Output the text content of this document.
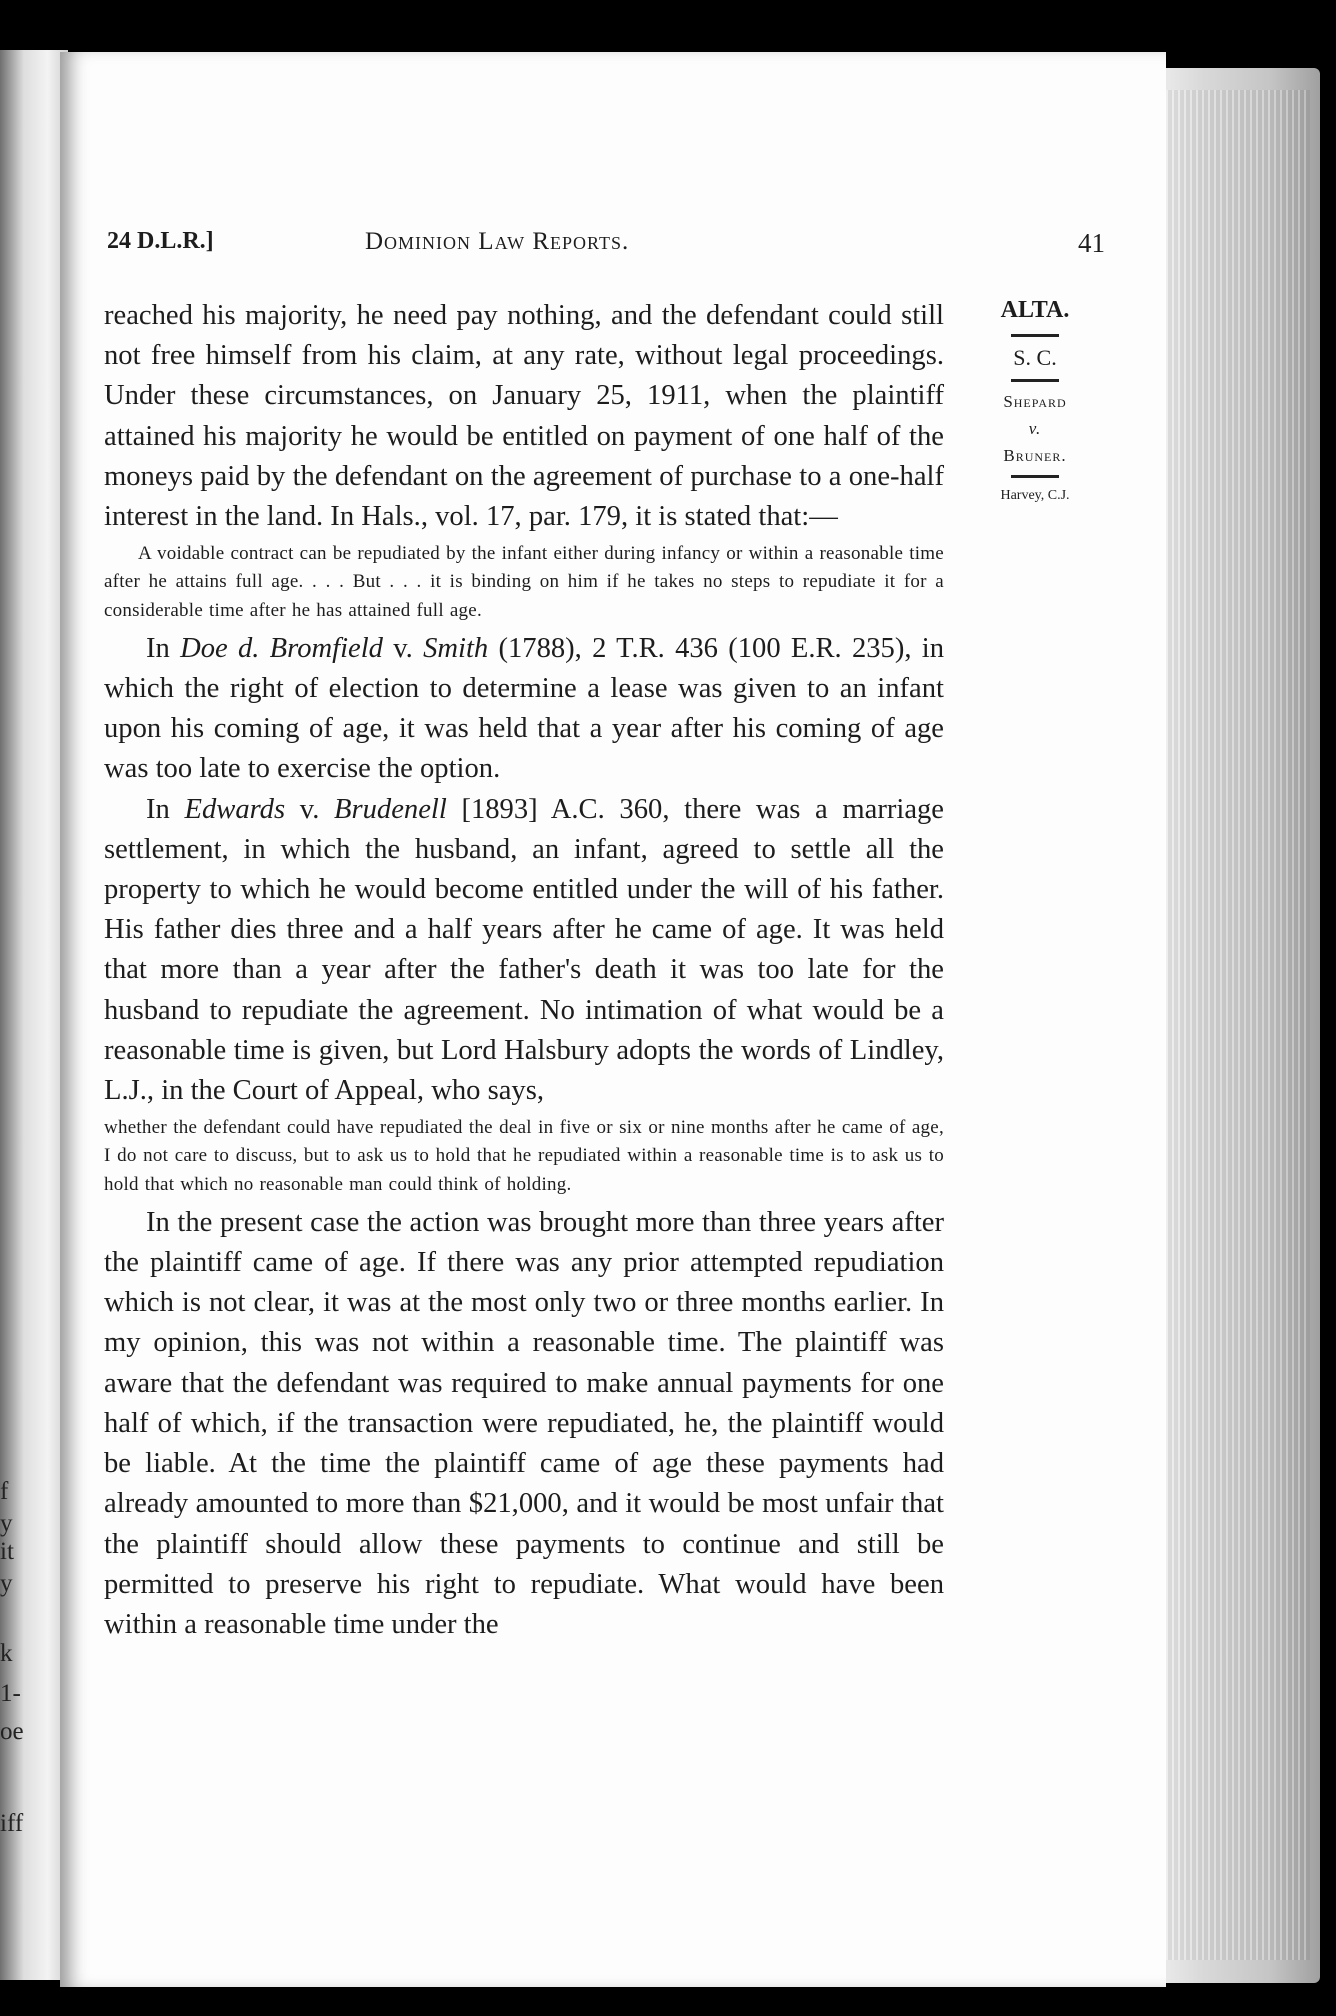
f
y
it
y
k
1-
oe
iff
24 D.L.R.]	Dominion Law Reports.	41

ALTA.

S. C.

Shepard

v.

Bruner.

Harvey, C.J.

reached his majority, he need pay nothing, and the defendant could still not free himself from his claim, at any rate, without legal proceedings. Under these circumstances, on January 25, 1911, when the plaintiff attained his majority he would be entitled on payment of one half of the moneys paid by the defendant on the agreement of purchase to a one-half interest in the land. In Hals., vol. 17, par. 179, it is stated that:—

A voidable contract can be repudiated by the infant either during infancy or within a reasonable time after he attains full age. . . . But . . . it is binding on him if he takes no steps to repudiate it for a considerable time after he has attained full age.

In Doe d. Bromfield v. Smith (1788), 2 T.R. 436 (100 E.R. 235), in which the right of election to determine a lease was given to an infant upon his coming of age, it was held that a year after his coming of age was too late to exercise the option.

In Edwards v. Brudenell [1893] A.C. 360, there was a marriage settlement, in which the husband, an infant, agreed to settle all the property to which he would become entitled under the will of his father. His father dies three and a half years after he came of age. It was held that more than a year after the father's death it was too late for the husband to repudiate the agreement. No intimation of what would be a reasonable time is given, but Lord Halsbury adopts the words of Lindley, L.J., in the Court of Appeal, who says,

whether the defendant could have repudiated the deal in five or six or nine months after he came of age, I do not care to discuss, but to ask us to hold that he repudiated within a reasonable time is to ask us to hold that which no reasonable man could think of holding.

In the present case the action was brought more than three years after the plaintiff came of age. If there was any prior attempted repudiation which is not clear, it was at the most only two or three months earlier. In my opinion, this was not within a reasonable time. The plaintiff was aware that the defendant was required to make annual payments for one half of which, if the transaction were repudiated, he, the plaintiff would be liable. At the time the plaintiff came of age these payments had already amounted to more than $21,000, and it would be most unfair that the plaintiff should allow these payments to continue and still be permitted to preserve his right to repudiate. What would have been within a reasonable time under the
